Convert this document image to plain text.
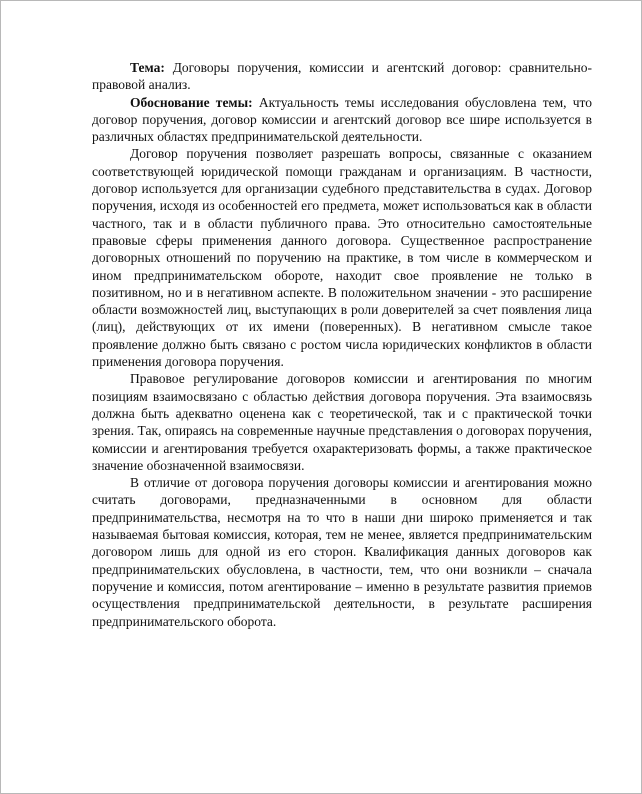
Тема: Договоры поручения, комиссии и агентский договор: сравнительно-правовой анализ.

Обоснование темы: Актуальность темы исследования обусловлена тем, что договор поручения, договор комиссии и агентский договор все шире используется в различных областях предпринимательской деятельности.

Договор поручения позволяет разрешать вопросы, связанные с оказанием соответствующей юридической помощи гражданам и организациям. В частности, договор используется для организации судебного представительства в судах. Договор поручения, исходя из особенностей его предмета, может использоваться как в области частного, так и в области публичного права. Это относительно самостоятельные правовые сферы применения данного договора. Существенное распространение договорных отношений по поручению на практике, в том числе в коммерческом и ином предпринимательском обороте, находит свое проявление не только в позитивном, но и в негативном аспекте. В положительном значении - это расширение области возможностей лиц, выступающих в роли доверителей за счет появления лица (лиц), действующих от их имени (поверенных). В негативном смысле такое проявление должно быть связано с ростом числа юридических конфликтов в области применения договора поручения.

Правовое регулирование договоров комиссии и агентирования по многим позициям взаимосвязано с областью действия договора поручения. Эта взаимосвязь должна быть адекватно оценена как с теоретической, так и с практической точки зрения. Так, опираясь на современные научные представления о договорах поручения, комиссии и агентирования требуется охарактеризовать формы, а также практическое значение обозначенной взаимосвязи.

В отличие от договора поручения договоры комиссии и агентирования можно считать договорами, предназначенными в основном для области предпринимательства, несмотря на то что в наши дни широко применяется и так называемая бытовая комиссия, которая, тем не менее, является предпринимательским договором лишь для одной из его сторон. Квалификация данных договоров как предпринимательских обусловлена, в частности, тем, что они возникли – сначала поручение и комиссия, потом агентирование – именно в результате развития приемов осуществления предпринимательской деятельности, в результате расширения предпринимательского оборота.
